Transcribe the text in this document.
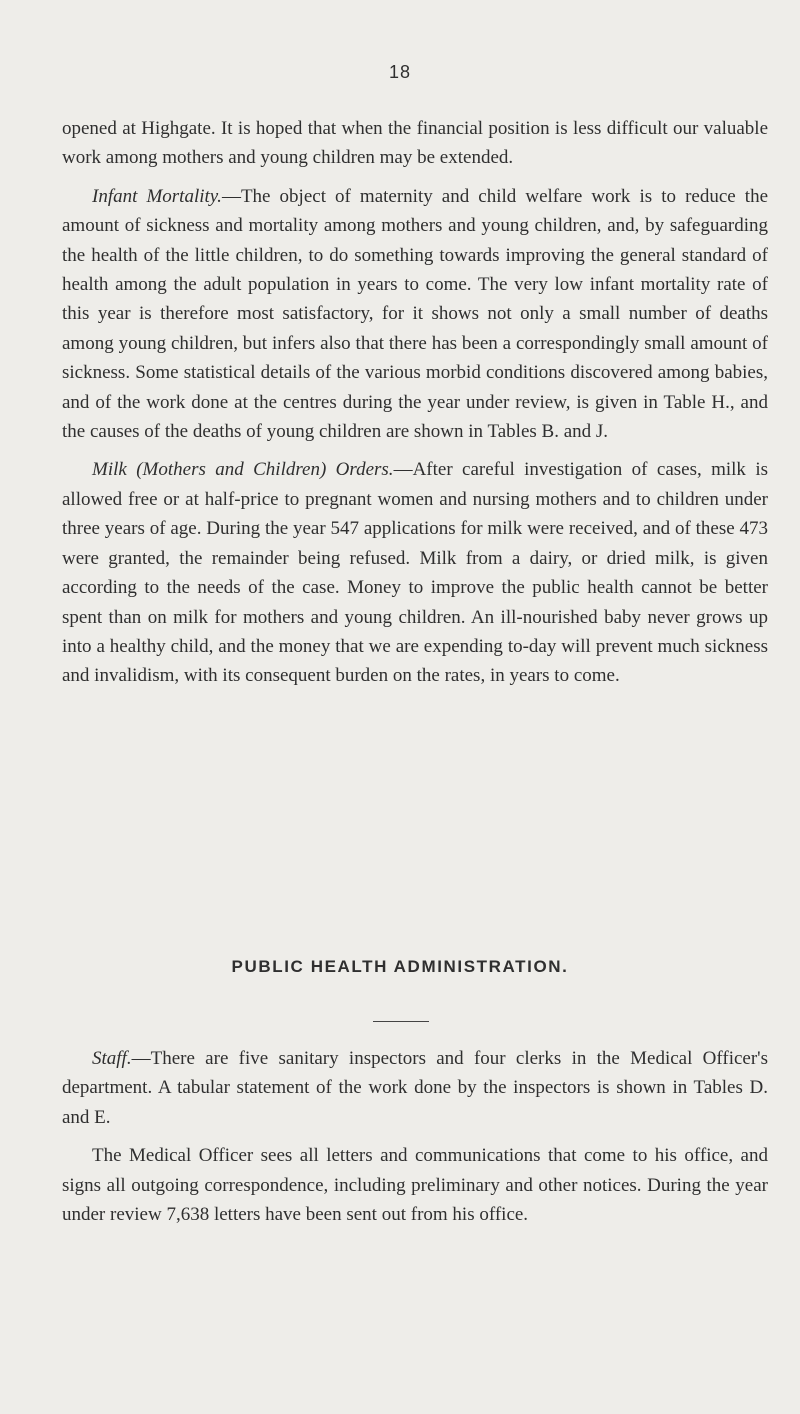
18

opened at Highgate. It is hoped that when the financial position is less difficult our valuable work among mothers and young children may be extended.

Infant Mortality.—The object of maternity and child welfare work is to reduce the amount of sickness and mortality among mothers and young children, and, by safeguarding the health of the little children, to do something towards improving the general standard of health among the adult population in years to come. The very low infant mortality rate of this year is therefore most satisfactory, for it shows not only a small number of deaths among young children, but infers also that there has been a correspondingly small amount of sickness. Some statistical details of the various morbid conditions discovered among babies, and of the work done at the centres during the year under review, is given in Table H., and the causes of the deaths of young children are shown in Tables B. and J.

Milk (Mothers and Children) Orders.—After careful investigation of cases, milk is allowed free or at half-price to pregnant women and nursing mothers and to children under three years of age. During the year 547 applications for milk were received, and of these 473 were granted, the remainder being refused. Milk from a dairy, or dried milk, is given according to the needs of the case. Money to improve the public health cannot be better spent than on milk for mothers and young children. An ill-nourished baby never grows up into a healthy child, and the money that we are expending to-day will prevent much sickness and invalidism, with its consequent burden on the rates, in years to come.

PUBLIC HEALTH ADMINISTRATION.

Staff.—There are five sanitary inspectors and four clerks in the Medical Officer's department. A tabular statement of the work done by the inspectors is shown in Tables D. and E.

The Medical Officer sees all letters and communications that come to his office, and signs all outgoing correspondence, including preliminary and other notices. During the year under review 7,638 letters have been sent out from his office.
